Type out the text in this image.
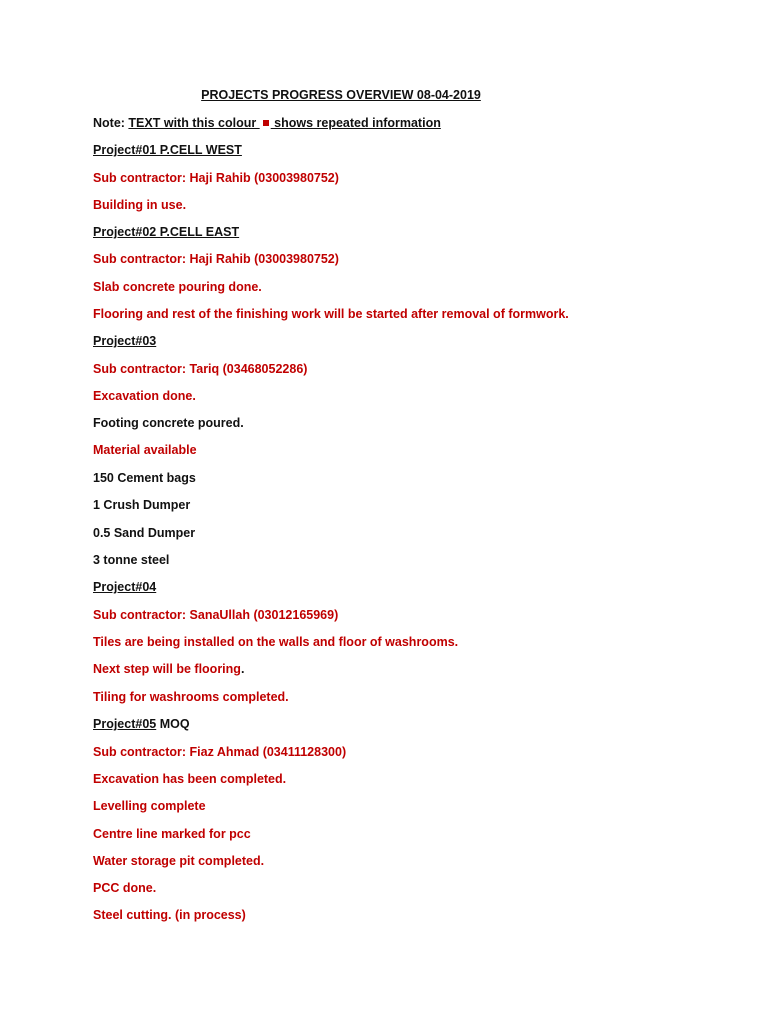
PROJECTS PROGRESS OVERVIEW 08-04-2019
Note: TEXT with this colour  shows repeated information
Project#01 P.CELL WEST
Sub contractor: Haji Rahib (03003980752)
Building in use.
Project#02 P.CELL EAST
Sub contractor: Haji Rahib (03003980752)
Slab concrete pouring done.
Flooring and rest of the finishing work will be started after removal of formwork.
Project#03
Sub contractor: Tariq (03468052286)
Excavation done.
Footing concrete poured.
Material available
150 Cement bags
1 Crush Dumper
0.5 Sand Dumper
3 tonne steel
Project#04
Sub contractor: SanaUllah (03012165969)
Tiles are being installed on the walls and floor of washrooms.
Next step will be flooring.
Tiling for washrooms completed.
Project#05 MOQ
Sub contractor: Fiaz Ahmad (03411128300)
Excavation has been completed.
Levelling complete
Centre line marked for pcc
Water storage pit completed.
PCC done.
Steel cutting. (in process)
